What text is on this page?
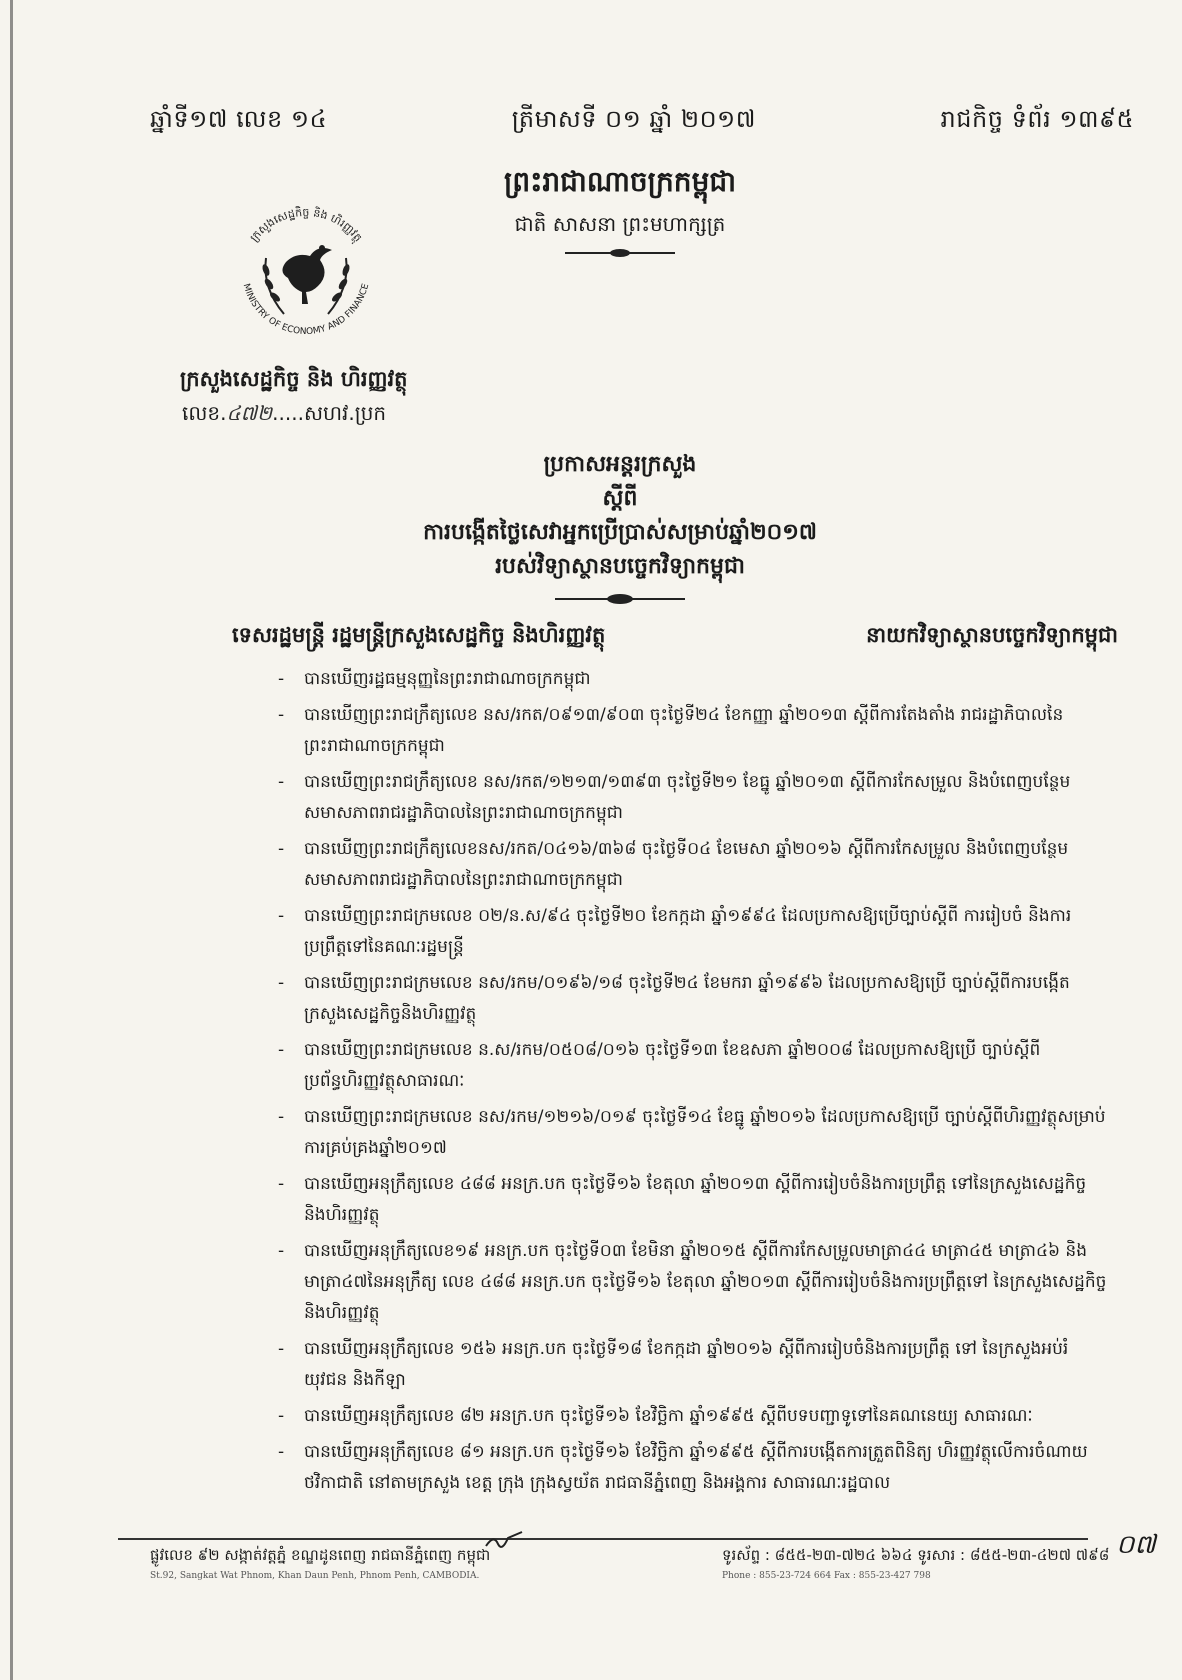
ឆ្នាំទី១៧ លេខ ១៤	ត្រីមាសទី ០១ ឆ្នាំ ២០១៧	រាជកិច្ច ទំព័រ ១៣៩៥
ព្រះរាជាណាចក្រកម្ពុជា
ជាតិ សាសនា ព្រះមហាក្សត្រ
ក្រសួងសេដ្ឋកិច្ច និង ហិរញ្ញវត្ថុ
MINISTRY OF ECONOMY AND FINANCE
ក្រសួងសេដ្ឋកិច្ច និង ហិរញ្ញវត្ថុ
លេខ.៤៧២.....សហវ.ប្រក
ប្រកាសអន្តរក្រសួង
ស្តីពី
ការបង្កើតថ្លៃសេវាអ្នកប្រើប្រាស់សម្រាប់ឆ្នាំ២០១៧
របស់វិទ្យាស្ថានបច្ចេកវិទ្យាកម្ពុជា
ទេសរដ្ឋមន្ត្រី រដ្ឋមន្ត្រីក្រសួងសេដ្ឋកិច្ច និងហិរញ្ញវត្ថុ	នាយកវិទ្យាស្ថានបច្ចេកវិទ្យាកម្ពុជា
- បានឃើញរដ្ឋធម្មនុញ្ញនៃព្រះរាជាណាចក្រកម្ពុជា
- បានឃើញព្រះរាជក្រឹត្យលេខ នស/រកត/០៩១៣/៩០៣ ចុះថ្ងៃទី២៤ ខែកញ្ញា ឆ្នាំ២០១៣ ស្តីពីការតែងតាំង រាជរដ្ឋាភិបាលនៃព្រះរាជាណាចក្រកម្ពុជា
- បានឃើញព្រះរាជក្រឹត្យលេខ នស/រកត/១២១៣/១៣៩៣ ចុះថ្ងៃទី២១ ខែធ្នូ ឆ្នាំ២០១៣ ស្តីពីការកែសម្រួល និងបំពេញបន្ថែម សមាសភាពរាជរដ្ឋាភិបាលនៃព្រះរាជាណាចក្រកម្ពុជា
- បានឃើញព្រះរាជក្រឹត្យលេខនស/រកត/០៤១៦/៣៦៨ ចុះថ្ងៃទី០៤ ខែមេសា ឆ្នាំ២០១៦ ស្តីពីការកែសម្រួល និងបំពេញបន្ថែម សមាសភាពរាជរដ្ឋាភិបាលនៃព្រះរាជាណាចក្រកម្ពុជា
- បានឃើញព្រះរាជក្រមលេខ ០២/ន.ស/៩៤ ចុះថ្ងៃទី២០ ខែកក្កដា ឆ្នាំ១៩៩៤ ដែលប្រកាសឱ្យប្រើច្បាប់ស្តីពី ការរៀបចំ និងការប្រព្រឹត្តទៅនៃគណៈរដ្ឋមន្ត្រី
- បានឃើញព្រះរាជក្រមលេខ នស/រកម/០១៩៦/១៨ ចុះថ្ងៃទី២៤ ខែមករា ឆ្នាំ១៩៩៦ ដែលប្រកាសឱ្យប្រើ ច្បាប់ស្តីពីការបង្កើតក្រសួងសេដ្ឋកិច្ចនិងហិរញ្ញវត្ថុ
- បានឃើញព្រះរាជក្រមលេខ ន.ស/រកម/០៥០៨/០១៦ ចុះថ្ងៃទី១៣ ខែឧសភា ឆ្នាំ២០០៨ ដែលប្រកាសឱ្យប្រើ ច្បាប់ស្តីពីប្រព័ន្ធហិរញ្ញវត្ថុសាធារណៈ
- បានឃើញព្រះរាជក្រមលេខ នស/រកម/១២១៦/០១៩ ចុះថ្ងៃទី១៤ ខែធ្នូ ឆ្នាំ២០១៦ ដែលប្រកាសឱ្យប្រើ ច្បាប់ស្តីពីហិរញ្ញវត្ថុសម្រាប់ការគ្រប់គ្រងឆ្នាំ២០១៧
- បានឃើញអនុក្រឹត្យលេខ ៤៨៨ អនក្រ.បក ចុះថ្ងៃទី១៦ ខែតុលា ឆ្នាំ២០១៣ ស្តីពីការរៀបចំនិងការប្រព្រឹត្ត ទៅនៃក្រសួងសេដ្ឋកិច្ចនិងហិរញ្ញវត្ថុ
- បានឃើញអនុក្រឹត្យលេខ១៩ អនក្រ.បក ចុះថ្ងៃទី០៣ ខែមិនា ឆ្នាំ២០១៥ ស្តីពីការកែសម្រួលមាត្រា៤៤ មាត្រា៤៥ មាត្រា៤៦ និងមាត្រា៤៧នៃអនុក្រឹត្យ លេខ ៤៨៨ អនក្រ.បក ចុះថ្ងៃទី១៦ ខែតុលា ឆ្នាំ២០១៣ ស្តីពីការរៀបចំនិងការប្រព្រឹត្តទៅ នៃក្រសួងសេដ្ឋកិច្ច និងហិរញ្ញវត្ថុ
- បានឃើញអនុក្រឹត្យលេខ ១៥៦ អនក្រ.បក ចុះថ្ងៃទី១៨ ខែកក្កដា ឆ្នាំ២០១៦ ស្តីពីការរៀបចំនិងការប្រព្រឹត្ត ទៅ នៃក្រសួងអប់រំ យុវជន និងកីឡា
- បានឃើញអនុក្រឹត្យលេខ ៨២ អនក្រ.បក ចុះថ្ងៃទី១៦ ខែវិច្ឆិកា ឆ្នាំ១៩៩៥ ស្តីពីបទបញ្ជាទូទៅនៃគណនេយ្យ សាធារណៈ
- បានឃើញអនុក្រឹត្យលេខ ៨១ អនក្រ.បក ចុះថ្ងៃទី១៦ ខែវិច្ឆិកា ឆ្នាំ១៩៩៥ ស្តីពីការបង្កើតការត្រួតពិនិត្យ ហិរញ្ញវត្ថុលើការចំណាយថវិកាជាតិ នៅតាមក្រសួង ខេត្ត ក្រុង ក្រុងស្វយ័ត រាជធានីភ្នំពេញ និងអង្គការ សាធារណៈរដ្ឋបាល
ផ្លូវលេខ ៩២ សង្កាត់វត្តភ្នំ ខណ្ឌដូនពេញ រាជធានីភ្នំពេញ កម្ពុជា
St.92, Sangkat Wat Phnom, Khan Daun Penh, Phnom Penh, CAMBODIA.
ទូរស័ព្ទ : ៨៥៥-២៣-៧២៤ ៦៦៤ ទូរសារ : ៨៥៥-២៣-៤២៧ ៧៩៨
Phone : 855-23-724 664 Fax : 855-23-427 798
០៧
